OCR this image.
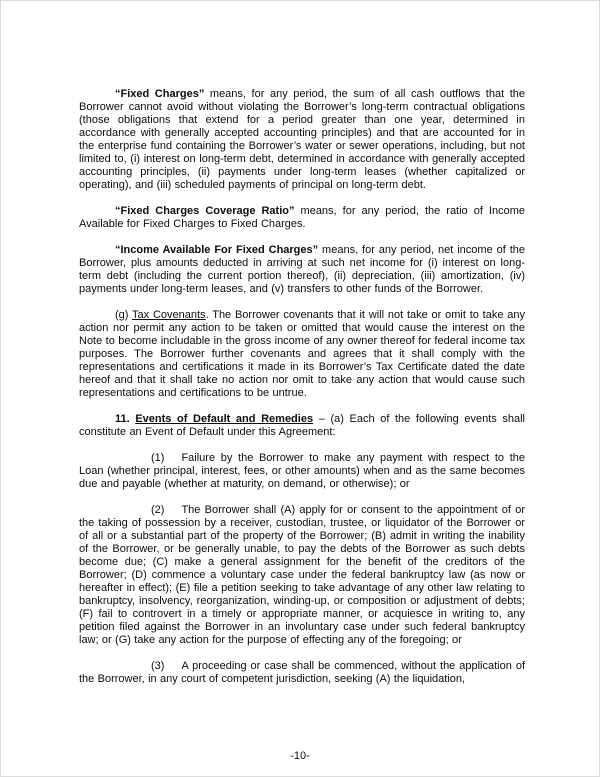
“Fixed Charges” means, for any period, the sum of all cash outflows that the Borrower cannot avoid without violating the Borrower’s long-term contractual obligations (those obligations that extend for a period greater than one year, determined in accordance with generally accepted accounting principles) and that are accounted for in the enterprise fund containing the Borrower’s water or sewer operations, including, but not limited to, (i) interest on long-term debt, determined in accordance with generally accepted accounting principles, (ii) payments under long-term leases (whether capitalized or operating), and (iii) scheduled payments of principal on long-term debt.

“Fixed Charges Coverage Ratio” means, for any period, the ratio of Income Available for Fixed Charges to Fixed Charges.

“Income Available For Fixed Charges” means, for any period, net income of the Borrower, plus amounts deducted in arriving at such net income for (i) interest on long-term debt (including the current portion thereof), (ii) depreciation, (iii) amortization, (iv) payments under long-term leases, and (v) transfers to other funds of the Borrower.

(g) Tax Covenants. The Borrower covenants that it will not take or omit to take any action nor permit any action to be taken or omitted that would cause the interest on the Note to become includable in the gross income of any owner thereof for federal income tax purposes. The Borrower further covenants and agrees that it shall comply with the representations and certifications it made in its Borrower’s Tax Certificate dated the date hereof and that it shall take no action nor omit to take any action that would cause such representations and certifications to be untrue.

11. Events of Default and Remedies – (a) Each of the following events shall constitute an Event of Default under this Agreement:

(1) Failure by the Borrower to make any payment with respect to the Loan (whether principal, interest, fees, or other amounts) when and as the same becomes due and payable (whether at maturity, on demand, or otherwise); or

(2) The Borrower shall (A) apply for or consent to the appointment of or the taking of possession by a receiver, custodian, trustee, or liquidator of the Borrower or of all or a substantial part of the property of the Borrower; (B) admit in writing the inability of the Borrower, or be generally unable, to pay the debts of the Borrower as such debts become due; (C) make a general assignment for the benefit of the creditors of the Borrower; (D) commence a voluntary case under the federal bankruptcy law (as now or hereafter in effect); (E) file a petition seeking to take advantage of any other law relating to bankruptcy, insolvency, reorganization, winding-up, or composition or adjustment of debts; (F) fail to controvert in a timely or appropriate manner, or acquiesce in writing to, any petition filed against the Borrower in an involuntary case under such federal bankruptcy law; or (G) take any action for the purpose of effecting any of the foregoing; or

(3) A proceeding or case shall be commenced, without the application of the Borrower, in any court of competent jurisdiction, seeking (A) the liquidation,

-10-
